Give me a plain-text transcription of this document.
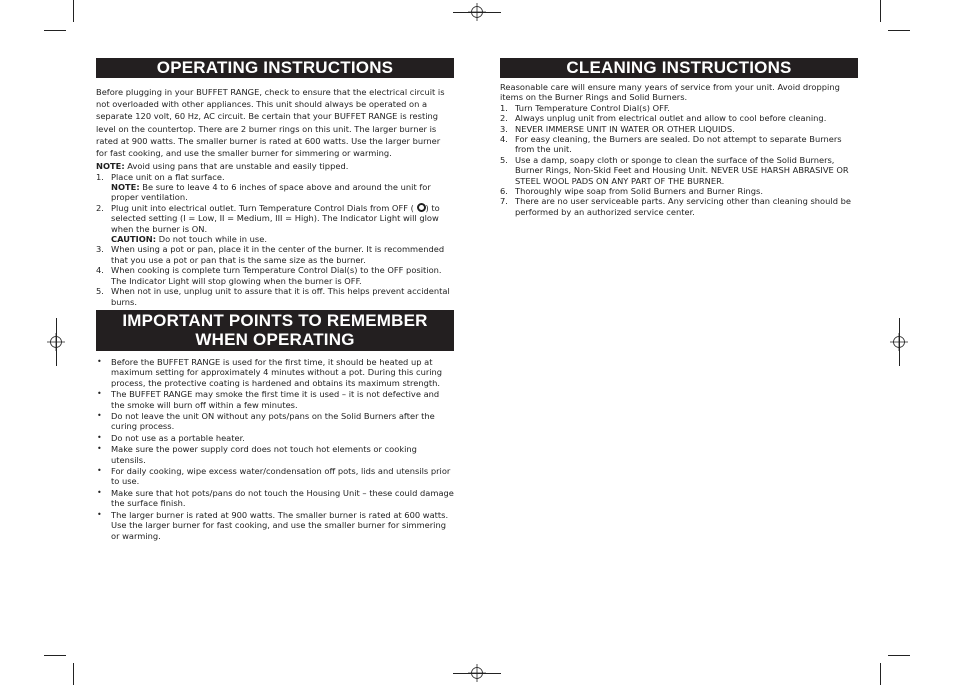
OPERATING INSTRUCTIONS
Before plugging in your BUFFET RANGE, check to ensure that the electrical circuit is not overloaded with other appliances. This unit should always be operated on a separate 120 volt, 60 Hz, AC circuit. Be certain that your BUFFET RANGE is resting level on the countertop. There are 2 burner rings on this unit. The larger burner is rated at 900 watts. The smaller burner is rated at 600 watts. Use the larger burner for fast cooking, and use the smaller burner for simmering or warming.
NOTE: Avoid using pans that are unstable and easily tipped.
1. Place unit on a flat surface.
NOTE: Be sure to leave 4 to 6 inches of space above and around the unit for proper ventilation.
2. Plug unit into electrical outlet. Turn Temperature Control Dials from OFF ( ) to selected setting (I = Low, II = Medium, III = High). The Indicator Light will glow when the burner is ON.
CAUTION: Do not touch while in use.
3. When using a pot or pan, place it in the center of the burner. It is recommended that you use a pot or pan that is the same size as the burner.
4. When cooking is complete turn Temperature Control Dial(s) to the OFF position. The Indicator Light will stop glowing when the burner is OFF.
5. When not in use, unplug unit to assure that it is off. This helps prevent accidental burns.
IMPORTANT POINTS TO REMEMBER
WHEN OPERATING
• Before the BUFFET RANGE is used for the first time, it should be heated up at maximum setting for approximately 4 minutes without a pot. During this curing process, the protective coating is hardened and obtains its maximum strength.
• The BUFFET RANGE may smoke the first time it is used – it is not defective and the smoke will burn off within a few minutes.
• Do not leave the unit ON without any pots/pans on the Solid Burners after the curing process.
• Do not use as a portable heater.
• Make sure the power supply cord does not touch hot elements or cooking utensils.
• For daily cooking, wipe excess water/condensation off pots, lids and utensils prior to use.
• Make sure that hot pots/pans do not touch the Housing Unit – these could damage the surface finish.
• The larger burner is rated at 900 watts. The smaller burner is rated at 600 watts. Use the larger burner for fast cooking, and use the smaller burner for simmering or warming.
CLEANING INSTRUCTIONS
Reasonable care will ensure many years of service from your unit. Avoid dropping items on the Burner Rings and Solid Burners.
1. Turn Temperature Control Dial(s) OFF.
2. Always unplug unit from electrical outlet and allow to cool before cleaning.
3. NEVER IMMERSE UNIT IN WATER OR OTHER LIQUIDS.
4. For easy cleaning, the Burners are sealed. Do not attempt to separate Burners from the unit.
5. Use a damp, soapy cloth or sponge to clean the surface of the Solid Burners, Burner Rings, Non-Skid Feet and Housing Unit. NEVER USE HARSH ABRASIVE OR STEEL WOOL PADS ON ANY PART OF THE BURNER.
6. Thoroughly wipe soap from Solid Burners and Burner Rings.
7. There are no user serviceable parts. Any servicing other than cleaning should be performed by an authorized service center.
